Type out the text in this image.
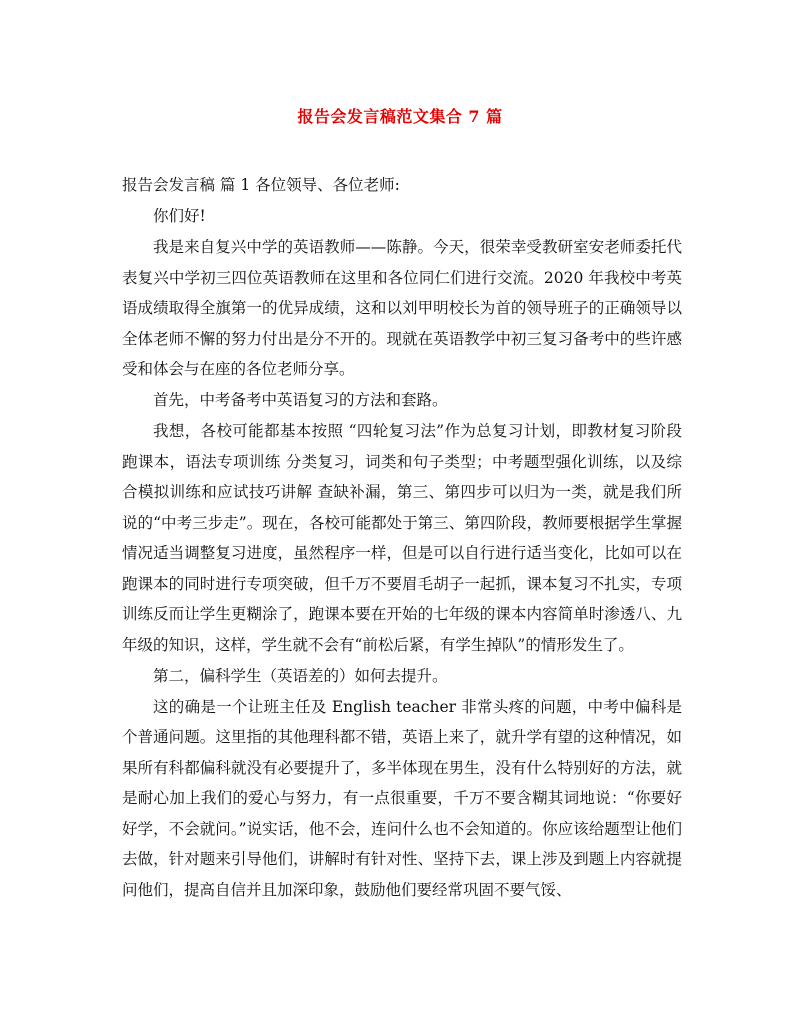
报告会发言稿范文集合 7 篇

报告会发言稿 篇 1 各位领导、各位老师:

你们好!

我是来自复兴中学的英语教师——陈静。今天，很荣幸受教研室安老师委托代表复兴中学初三四位英语教师在这里和各位同仁们进行交流。2020 年我校中考英语成绩取得全旗第一的优异成绩，这和以刘甲明校长为首的领导班子的正确领导以全体老师不懈的努力付出是分不开的。现就在英语教学中初三复习备考中的些许感受和体会与在座的各位老师分享。

首先，中考备考中英语复习的方法和套路。

我想，各校可能都基本按照 “四轮复习法”作为总复习计划，即教材复习阶段 跑课本，语法专项训练 分类复习，词类和句子类型；中考题型强化训练，以及综合模拟训练和应试技巧讲解 查缺补漏，第三、第四步可以归为一类，就是我们所说的“中考三步走”。现在，各校可能都处于第三、第四阶段，教师要根据学生掌握情况适当调整复习进度，虽然程序一样，但是可以自行进行适当变化，比如可以在跑课本的同时进行专项突破，但千万不要眉毛胡子一起抓，课本复习不扎实，专项训练反而让学生更糊涂了，跑课本要在开始的七年级的课本内容简单时渗透八、九年级的知识，这样，学生就不会有“前松后紧，有学生掉队”的情形发生了。

第二，偏科学生（英语差的）如何去提升。

这的确是一个让班主任及 English teacher 非常头疼的问题，中考中偏科是个普通问题。这里指的其他理科都不错，英语上来了，就升学有望的这种情况，如果所有科都偏科就没有必要提升了，多半体现在男生，没有什么特别好的方法，就是耐心加上我们的爱心与努力，有一点很重要，千万不要含糊其词地说：“你要好好学，不会就问。”说实话，他不会，连问什么也不会知道的。你应该给题型让他们去做，针对题来引导他们，讲解时有针对性、坚持下去，课上涉及到题上内容就提问他们，提高自信并且加深印象，鼓励他们要经常巩固不要气馁、
